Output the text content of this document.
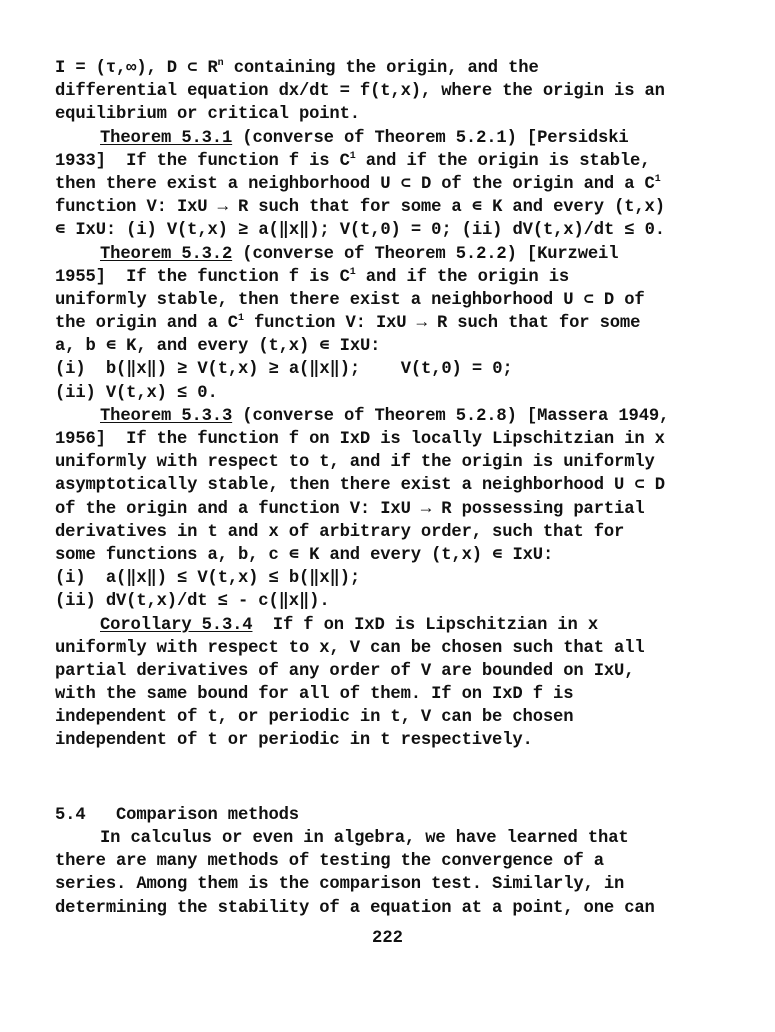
I = (τ,∞), D ⊂ $R^n$ containing the origin, and the
differential equation dx/dt = f(t,x), where the origin is an
equilibrium or critical point.
Theorem 5.3.1 (converse of Theorem 5.2.1) [Persidski
1933]  If the function f is $C^1$ and if the origin is stable,
then there exist a neighborhood U ⊂ D of the origin and a $C^1$
function V: IxU → R such that for some a ∊ K and every (t,x)
∊ IxU: (i) V(t,x) ≥ a(‖x‖); V(t,0) = 0; (ii) dV(t,x)/dt ≤ 0.
Theorem 5.3.2 (converse of Theorem 5.2.2) [Kurzweil
1955]  If the function f is $C^1$ and if the origin is
uniformly stable, then there exist a neighborhood U ⊂ D of
the origin and a $C^1$ function V: IxU → R such that for some
a, b ∊ K, and every (t,x) ∊ IxU:
(i)  b(‖x‖) ≥ V(t,x) ≥ a(‖x‖);    V(t,0) = 0;
(ii) V(t,x) ≤ 0.
Theorem 5.3.3 (converse of Theorem 5.2.8) [Massera 1949,
1956]  If the function f on IxD is locally Lipschitzian in x
uniformly with respect to t, and if the origin is uniformly
asymptotically stable, then there exist a neighborhood U ⊂ D
of the origin and a function V: IxU → R possessing partial
derivatives in t and x of arbitrary order, such that for
some functions a, b, c ∊ K and every (t,x) ∊ IxU:
(i)  a(‖x‖) ≤ V(t,x) ≤ b(‖x‖);
(ii) dV(t,x)/dt ≤ - c(‖x‖).
Corollary 5.3.4  If f on IxD is Lipschitzian in x
uniformly with respect to x, V can be chosen such that all
partial derivatives of any order of V are bounded on IxU,
with the same bound for all of them. If on IxD f is
independent of t, or periodic in t, V can be chosen
independent of t or periodic in t respectively.
5.4   Comparison methods
In calculus or even in algebra, we have learned that
there are many methods of testing the convergence of a
series. Among them is the comparison test. Similarly, in
determining the stability of a equation at a point, one can
222
